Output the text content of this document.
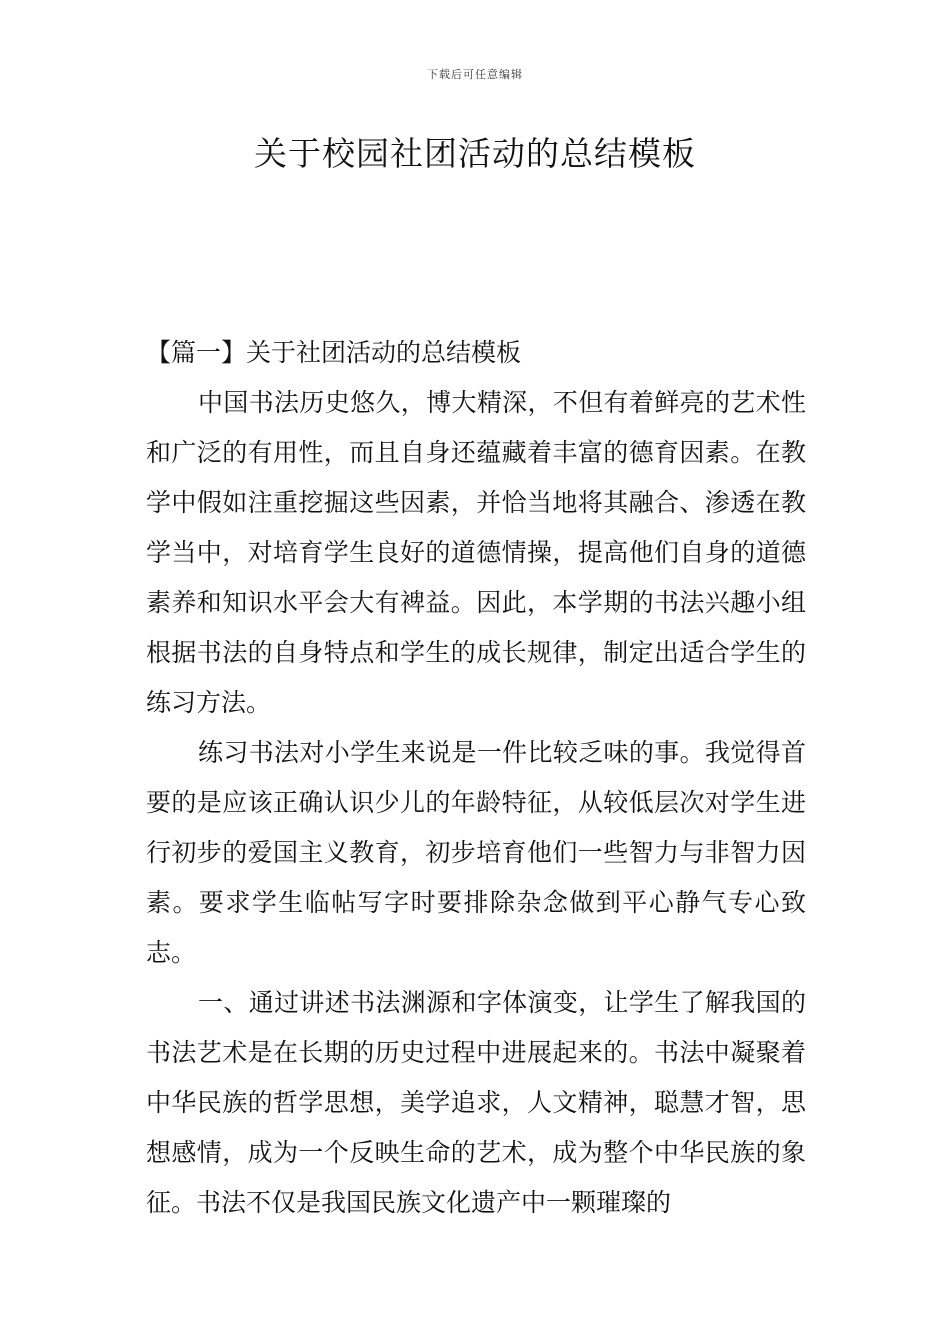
下载后可任意编辑
关于校园社团活动的总结模板

【篇一】关于社团活动的总结模板

中国书法历史悠久，博大精深，不但有着鲜亮的艺术性和广泛的有用性，而且自身还蕴藏着丰富的德育因素。在教学中假如注重挖掘这些因素，并恰当地将其融合、渗透在教学当中，对培育学生良好的道德情操，提高他们自身的道德素养和知识水平会大有裨益。因此，本学期的书法兴趣小组根据书法的自身特点和学生的成长规律，制定出适合学生的练习方法。

练习书法对小学生来说是一件比较乏味的事。我觉得首要的是应该正确认识少儿的年龄特征，从较低层次对学生进行初步的爱国主义教育，初步培育他们一些智力与非智力因素。要求学生临帖写字时要排除杂念做到平心静气专心致志。

一、通过讲述书法渊源和字体演变，让学生了解我国的书法艺术是在长期的历史过程中进展起来的。书法中凝聚着中华民族的哲学思想，美学追求，人文精神，聪慧才智，思想感情，成为一个反映生命的艺术，成为整个中华民族的象征。书法不仅是我国民族文化遗产中一颗璀璨的
